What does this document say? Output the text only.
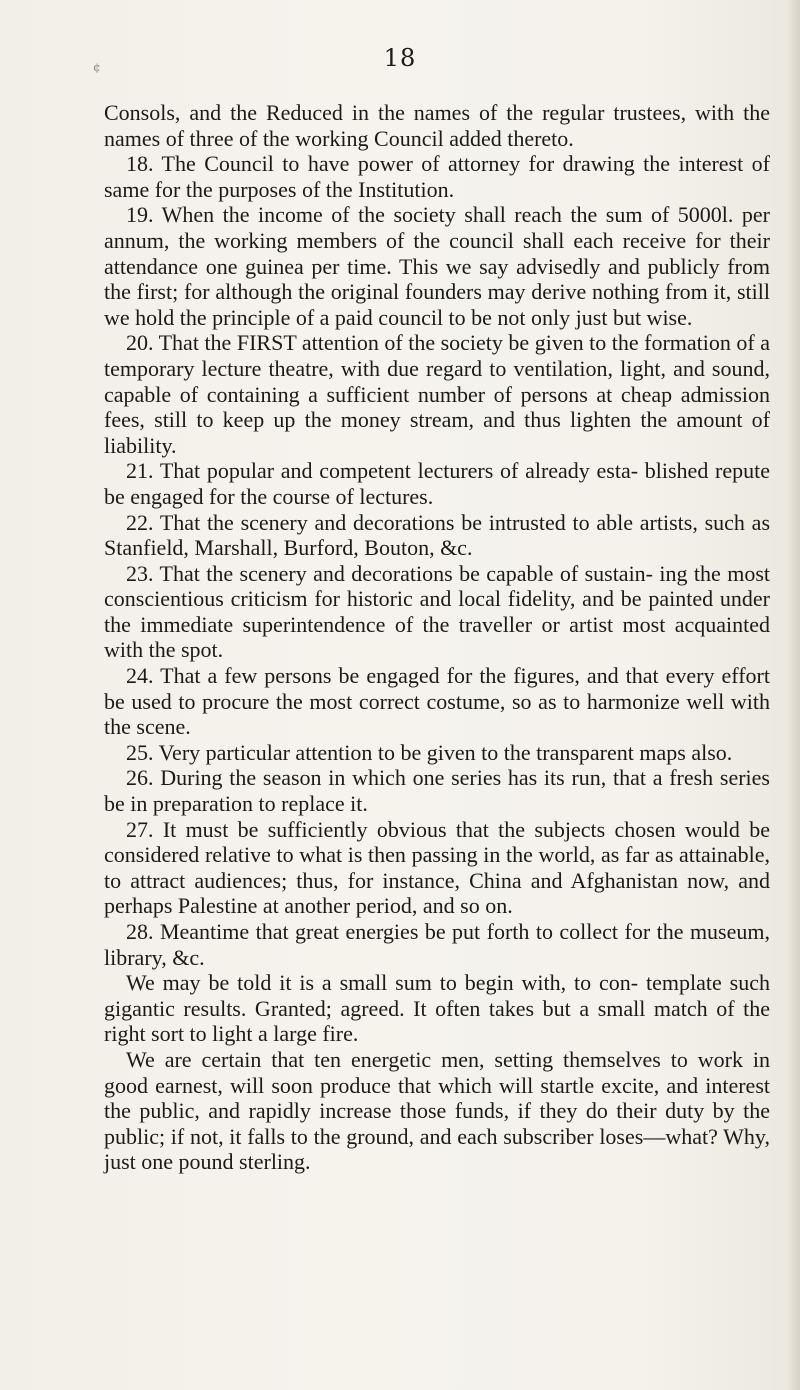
18
¢

Consols, and the Reduced in the names of the regular trustees, with the names of three of the working Council added thereto.

18. The Council to have power of attorney for drawing the interest of same for the purposes of the Institution.

19. When the income of the society shall reach the sum of 5000l. per annum, the working members of the council shall each receive for their attendance one guinea per time. This we say advisedly and publicly from the first; for although the original founders may derive nothing from it, still we hold the principle of a paid council to be not only just but wise.

20. That the FIRST attention of the society be given to the formation of a temporary lecture theatre, with due regard to ventilation, light, and sound, capable of containing a sufficient number of persons at cheap admission fees, still to keep up the money stream, and thus lighten the amount of liability.

21. That popular and competent lecturers of already esta- blished repute be engaged for the course of lectures.

22. That the scenery and decorations be intrusted to able artists, such as Stanfield, Marshall, Burford, Bouton, &c.

23. That the scenery and decorations be capable of sustain- ing the most conscientious criticism for historic and local fidelity, and be painted under the immediate superintendence of the traveller or artist most acquainted with the spot.

24. That a few persons be engaged for the figures, and that every effort be used to procure the most correct costume, so as to harmonize well with the scene.

25. Very particular attention to be given to the transparent maps also.

26. During the season in which one series has its run, that a fresh series be in preparation to replace it.

27. It must be sufficiently obvious that the subjects chosen would be considered relative to what is then passing in the world, as far as attainable, to attract audiences; thus, for instance, China and Afghanistan now, and perhaps Palestine at another period, and so on.

28. Meantime that great energies be put forth to collect for the museum, library, &c.

We may be told it is a small sum to begin with, to con- template such gigantic results. Granted; agreed. It often takes but a small match of the right sort to light a large fire.

We are certain that ten energetic men, setting themselves to work in good earnest, will soon produce that which will startle excite, and interest the public, and rapidly increase those funds, if they do their duty by the public; if not, it falls to the ground, and each subscriber loses—what? Why, just one pound sterling.
